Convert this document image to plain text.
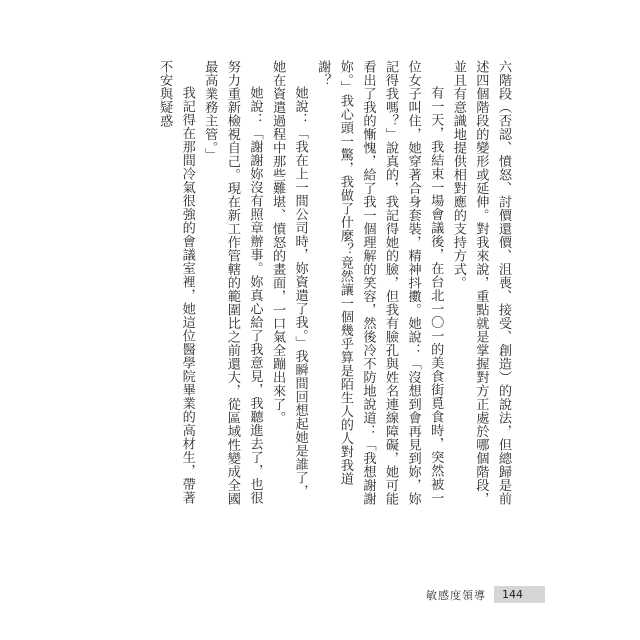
六階段（否認、憤怒、討價還價、沮喪、接受、創造）的說法，但總歸是前述四個階段的變形或延伸。對我來說，重點就是掌握對方正處於哪個階段，並且有意識地提供相對應的支持方式。

有一天，我結束一場會議後，在台北一〇一的美食街覓食時，突然被一位女子叫住，她穿著合身套裝，精神抖擻。她說：「沒想到會再見到妳，妳記得我嗎？」說真的，我記得她的臉，但我有臉孔與姓名連線障礙，她可能看出了我的慚愧，給了我一個理解的笑容，然後冷不防地說道：「我想謝謝妳。」我心頭一驚，我做了什麼？竟然讓一個幾乎算是陌生人的人對我道謝？

她說：「我在上一間公司時，妳資遣了我。」我瞬間回想起她是誰了，她在資遣過程中那些難堪、憤怒的畫面，一口氣全蹦出來了。

她說：「謝謝妳沒有照章辦事。妳真心給了我意見，我聽進去了，也很努力重新檢視自己。現在新工作管轄的範圍比之前還大，從區域性變成全國最高業務主管。」

我記得在那間冷氣很強的會議室裡，她這位醫學院畢業的高材生，帶著不安與疑惑

敏感度領導	144
